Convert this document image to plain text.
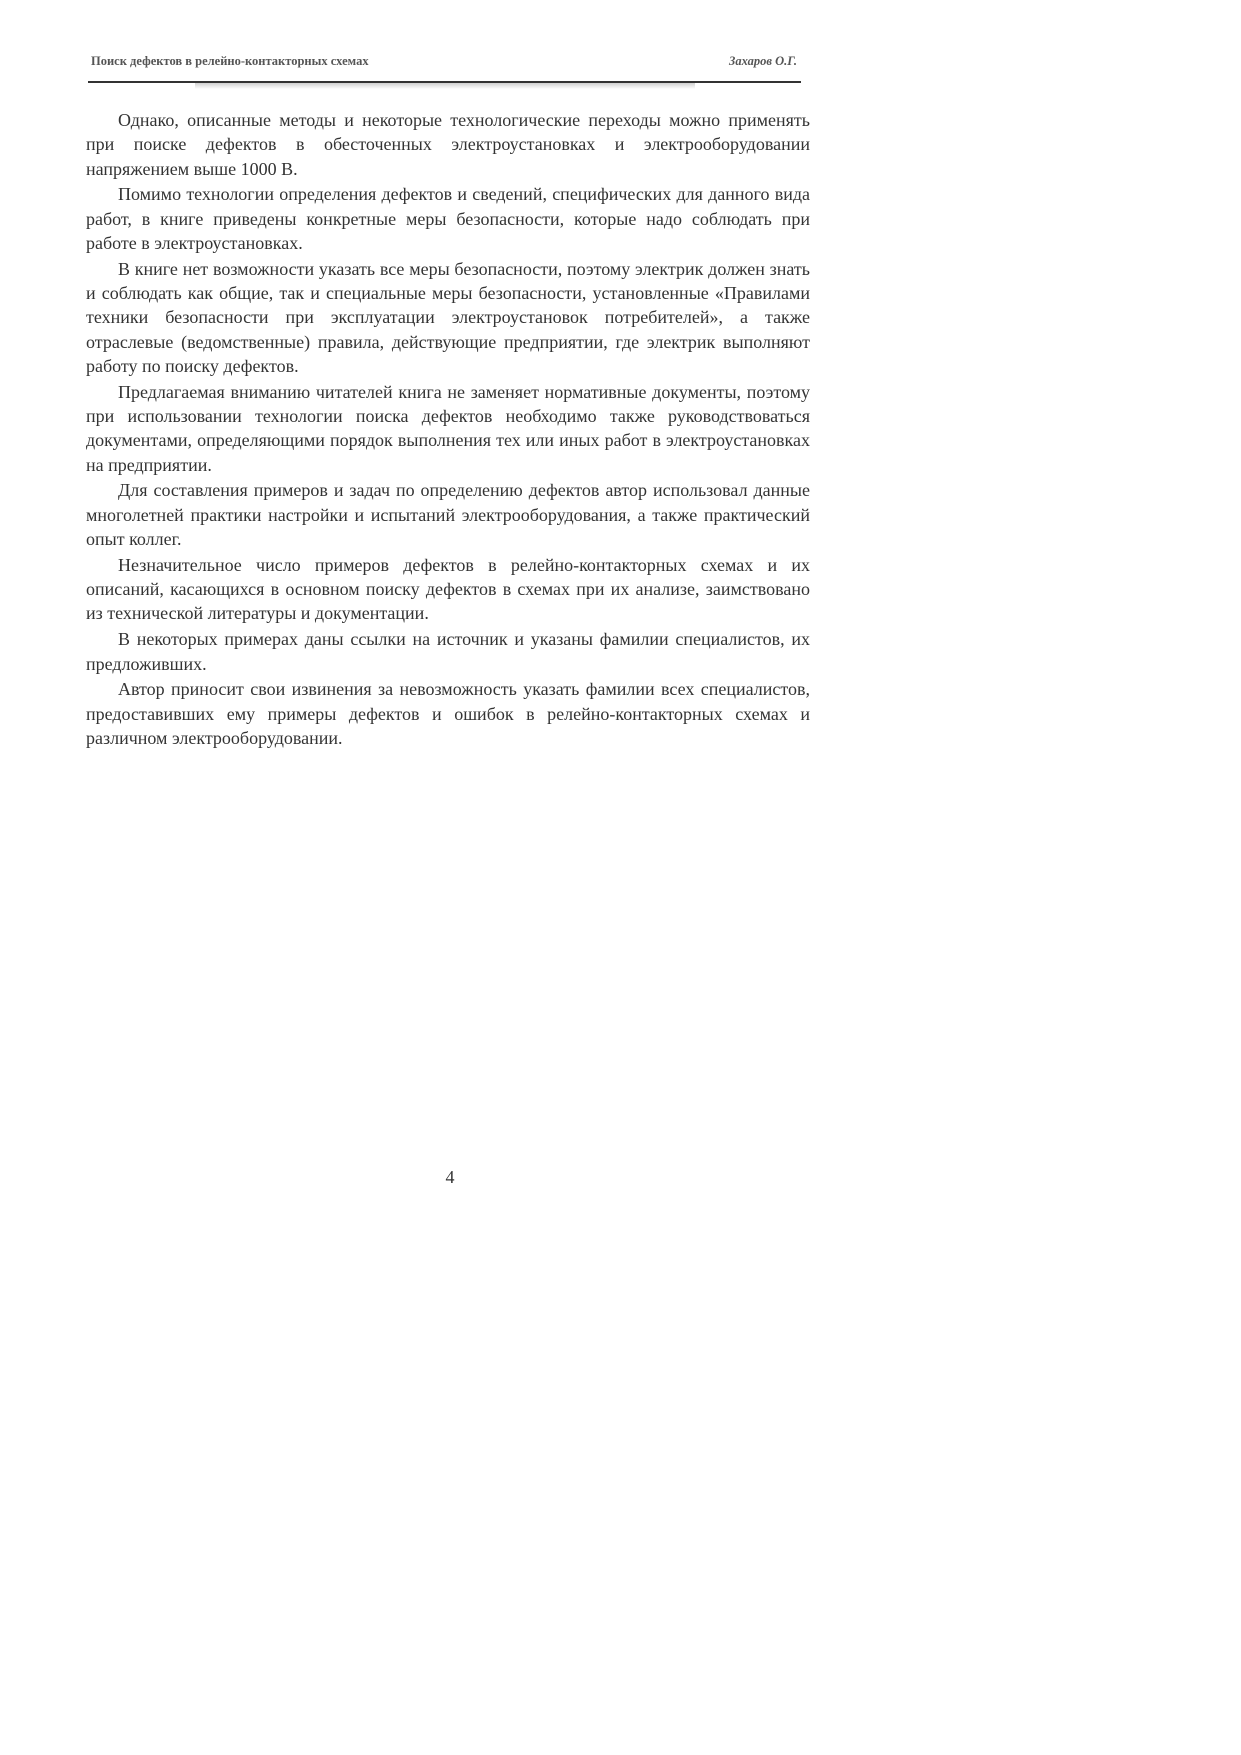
Поиск дефектов в релейно-контакторных схемах	Захаров О.Г.

Однако, описанные методы и некоторые технологические переходы можно применять при поиске дефектов в обесточенных электроустановках и электрооборудовании напряжением выше 1000 В.

Помимо технологии определения дефектов и сведений, специфических для данного вида работ, в книге приведены конкретные меры безопасности, которые надо соблюдать при работе в электроустановках.

В книге нет возможности указать все меры безопасности, поэтому электрик должен знать и соблюдать как общие, так и специальные меры безопасности, установленные «Правилами техники безопасности при эксплуатации электроустановок потребителей», а также отраслевые (ведомственные) правила, действующие предприятии, где электрик выполняют работу по поиску дефектов.

Предлагаемая вниманию читателей книга не заменяет нормативные документы, поэтому при использовании технологии поиска дефектов необходимо также руководствоваться документами, определяющими порядок выполнения тех или иных работ в электроустановках на предприятии.

Для составления примеров и задач по определению дефектов автор использовал данные многолетней практики настройки и испытаний электрооборудования, а также практический опыт коллег.

Незначительное число примеров дефектов в релейно-контакторных схемах и их описаний, касающихся в основном поиску дефектов в схемах при их анализе, заимствовано из технической литературы и документации.

В некоторых примерах даны ссылки на источник и указаны фамилии специалистов, их предложивших.

Автор приносит свои извинения за невозможность указать фамилии всех специалистов, предоставивших ему примеры дефектов и ошибок в релейно-контакторных схемах и различном электрооборудовании.

4
